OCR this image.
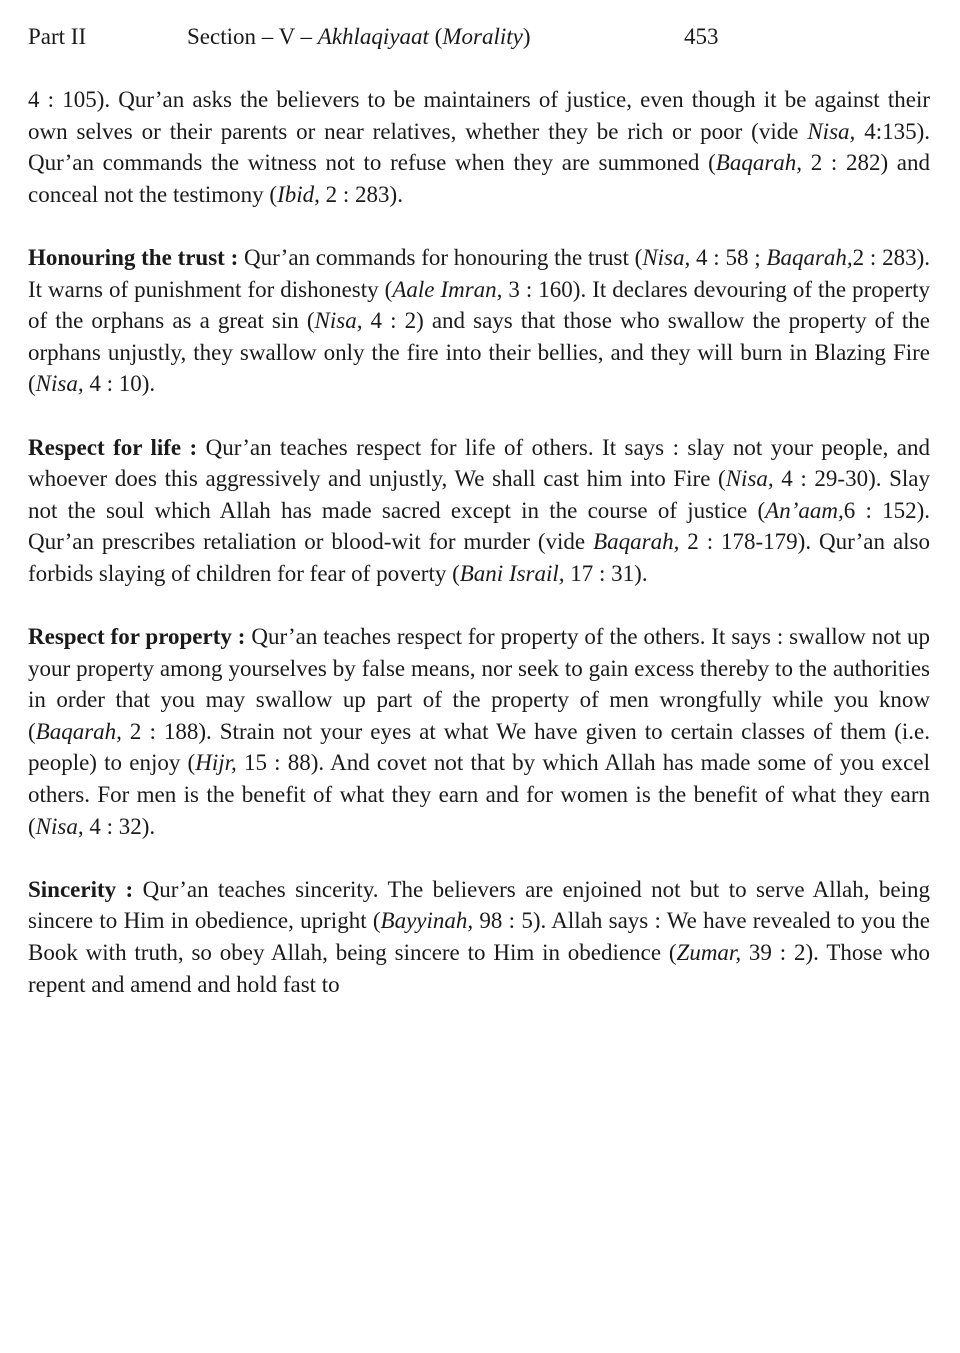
Part II	Section – V – Akhlaqiyaat (Morality)	453

4 : 105). Qur’an asks the believers to be maintainers of justice, even though it be against their own selves or their parents or near relatives, whether they be rich or poor (vide Nisa, 4:135). Qur’an commands the witness not to refuse when they are summoned (Baqarah, 2 : 282) and conceal not the testimony (Ibid, 2 : 283).

Honouring the trust : Qur’an commands for honouring the trust (Nisa, 4 : 58 ; Baqarah,2 : 283). It warns of punishment for dishonesty (Aale Imran, 3 : 160). It declares devouring of the property of the orphans as a great sin (Nisa, 4 : 2) and says that those who swallow the property of the orphans unjustly, they swallow only the fire into their bellies, and they will burn in Blazing Fire (Nisa, 4 : 10).

Respect for life : Qur’an teaches respect for life of others. It says : slay not your people, and whoever does this aggressively and unjustly, We shall cast him into Fire (Nisa, 4 : 29-30). Slay not the soul which Allah has made sacred except in the course of justice (An’aam,6 : 152). Qur’an prescribes retaliation or blood-wit for murder (vide Baqarah, 2 : 178-179). Qur’an also forbids slaying of children for fear of poverty (Bani Israil, 17 : 31).

Respect for property : Qur’an teaches respect for property of the others. It says : swallow not up your property among yourselves by false means, nor seek to gain excess thereby to the authorities in order that you may swallow up part of the property of men wrongfully while you know (Baqarah, 2 : 188). Strain not your eyes at what We have given to certain classes of them (i.e. people) to enjoy (Hijr, 15 : 88). And covet not that by which Allah has made some of you excel others. For men is the benefit of what they earn and for women is the benefit of what they earn (Nisa, 4 : 32).

Sincerity : Qur’an teaches sincerity. The believers are enjoined not but to serve Allah, being sincere to Him in obedience, upright (Bayyinah, 98 : 5). Allah says : We have revealed to you the Book with truth, so obey Allah, being sincere to Him in obedience (Zumar, 39 : 2). Those who repent and amend and hold fast to
